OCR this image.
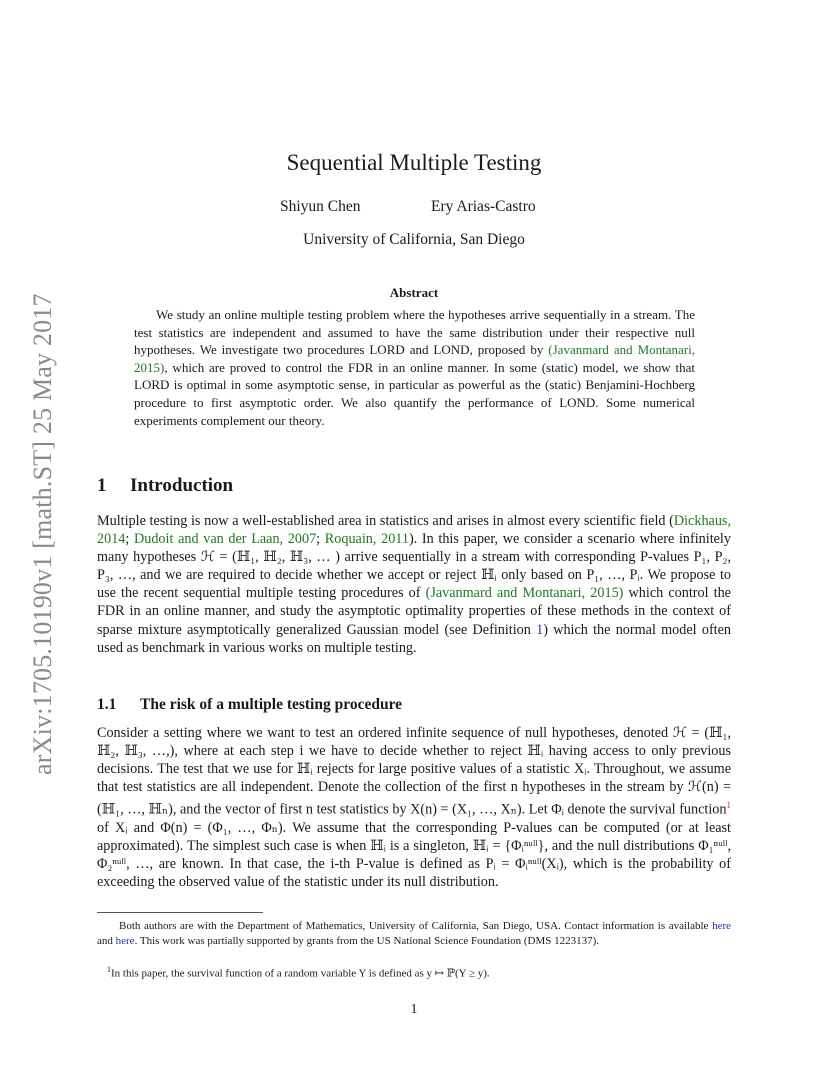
arXiv:1705.10190v1 [math.ST] 25 May 2017
Sequential Multiple Testing
Shiyun Chen	Ery Arias-Castro
University of California, San Diego
Abstract
We study an online multiple testing problem where the hypotheses arrive sequentially in a stream. The test statistics are independent and assumed to have the same distribution under their respective null hypotheses. We investigate two procedures LORD and LOND, proposed by (Javanmard and Montanari, 2015), which are proved to control the FDR in an online manner. In some (static) model, we show that LORD is optimal in some asymptotic sense, in particular as powerful as the (static) Benjamini-Hochberg procedure to first asymptotic order. We also quantify the performance of LOND. Some numerical experiments complement our theory.
1 Introduction
Multiple testing is now a well-established area in statistics and arises in almost every scientific field (Dickhaus, 2014; Dudoit and van der Laan, 2007; Roquain, 2011). In this paper, we consider a scenario where infinitely many hypotheses ℋ = (ℍ₁, ℍ₂, ℍ₃, … ) arrive sequentially in a stream with corresponding P-values P₁, P₂, P₃, …, and we are required to decide whether we accept or reject ℍᵢ only based on P₁, …, Pᵢ. We propose to use the recent sequential multiple testing procedures of (Javanmard and Montanari, 2015) which control the FDR in an online manner, and study the asymptotic optimality properties of these methods in the context of sparse mixture asymptotically generalized Gaussian model (see Definition 1) which the normal model often used as benchmark in various works on multiple testing.
1.1 The risk of a multiple testing procedure
Consider a setting where we want to test an ordered infinite sequence of null hypotheses, denoted ℋ = (ℍ₁, ℍ₂, ℍ₃, …,), where at each step i we have to decide whether to reject ℍᵢ having access to only previous decisions. The test that we use for ℍᵢ rejects for large positive values of a statistic Xᵢ. Throughout, we assume that test statistics are all independent. Denote the collection of the first n hypotheses in the stream by ℋ(n) = (ℍ₁, …, ℍₙ), and the vector of first n test statistics by X(n) = (X₁, …, Xₙ). Let Φᵢ denote the survival function$^1$ of Xᵢ and Φ(n) = (Φ₁, …, Φₙ). We assume that the corresponding P-values can be computed (or at least approximated). The simplest such case is when ℍᵢ is a singleton, ℍᵢ = {Φᵢⁿᵘˡˡ}, and the null distributions Φ₁ⁿᵘˡˡ, Φ₂ⁿᵘˡˡ, …, are known. In that case, the i-th P-value is defined as Pᵢ = Φᵢⁿᵘˡˡ(Xᵢ), which is the probability of exceeding the observed value of the statistic under its null distribution.
Both authors are with the Department of Mathematics, University of California, San Diego, USA. Contact information is available here and here. This work was partially supported by grants from the US National Science Foundation (DMS 1223137).
$^1$In this paper, the survival function of a random variable Y is defined as y ↦ ℙ(Y ≥ y).
1
